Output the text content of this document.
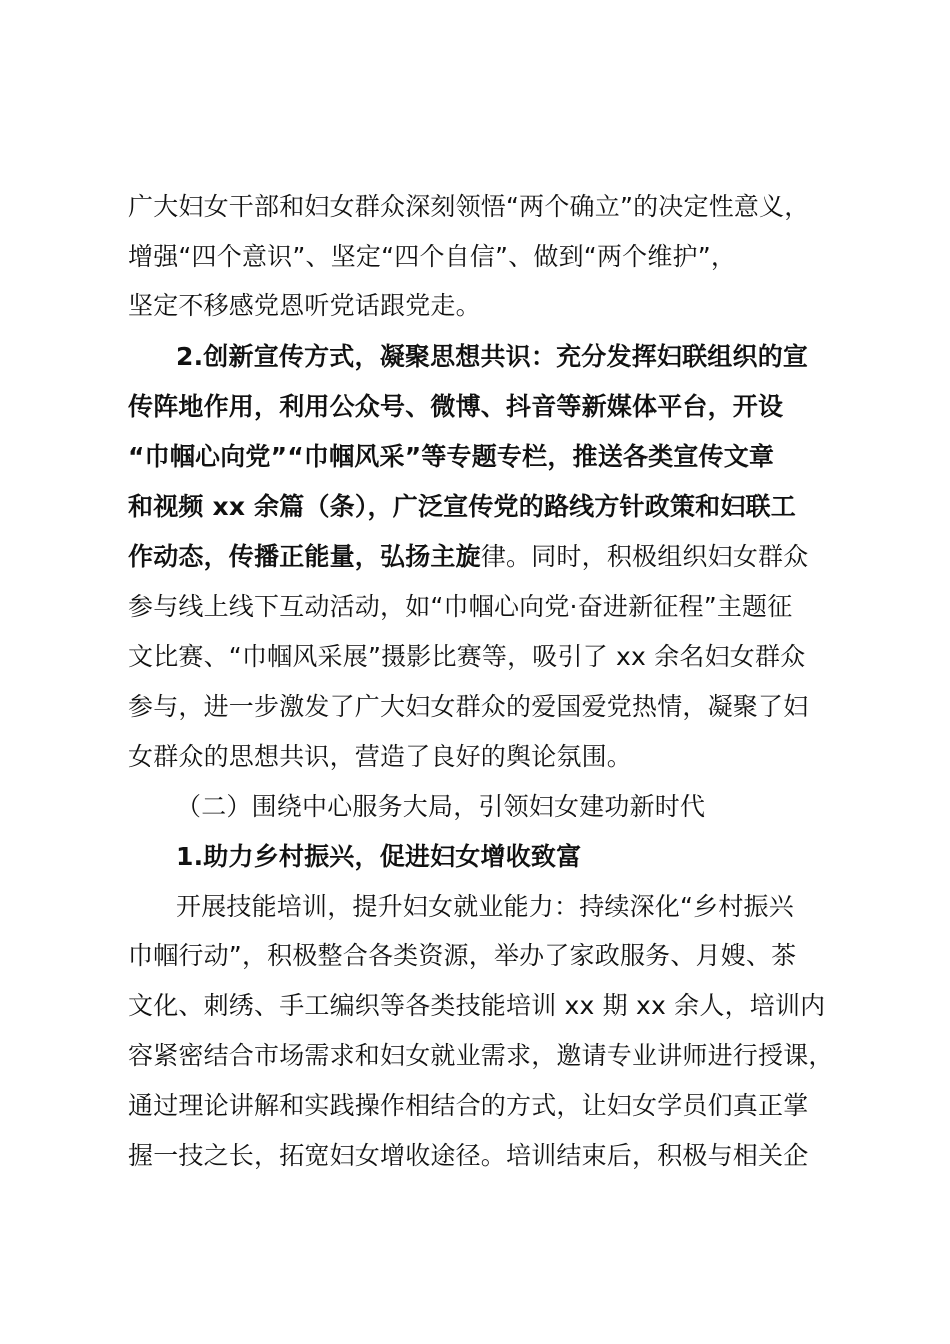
广大妇女干部和妇女群众深刻领悟“两个确立”的决定性意义，
增强“四个意识”、坚定“四个自信”、做到“两个维护”，
坚定不移感党恩听党话跟党走。
2.创新宣传方式，凝聚思想共识：充分发挥妇联组织的宣
传阵地作用，利用公众号、微博、抖音等新媒体平台，开设
“巾帼心向党”“巾帼风采”等专题专栏，推送各类宣传文章
和视频 xx 余篇（条），广泛宣传党的路线方针政策和妇联工
作动态，传播正能量，弘扬主旋律。同时，积极组织妇女群众
参与线上线下互动活动，如“巾帼心向党·奋进新征程”主题征
文比赛、“巾帼风采展”摄影比赛等，吸引了 xx 余名妇女群众
参与，进一步激发了广大妇女群众的爱国爱党热情，凝聚了妇
女群众的思想共识，营造了良好的舆论氛围。
（二）围绕中心服务大局，引领妇女建功新时代
1.助力乡村振兴，促进妇女增收致富
开展技能培训，提升妇女就业能力：持续深化“乡村振兴
巾帼行动”，积极整合各类资源，举办了家政服务、月嫂、茶
文化、刺绣、手工编织等各类技能培训 xx 期 xx 余人，培训内
容紧密结合市场需求和妇女就业需求，邀请专业讲师进行授课，
通过理论讲解和实践操作相结合的方式，让妇女学员们真正掌
握一技之长，拓宽妇女增收途径。培训结束后，积极与相关企
